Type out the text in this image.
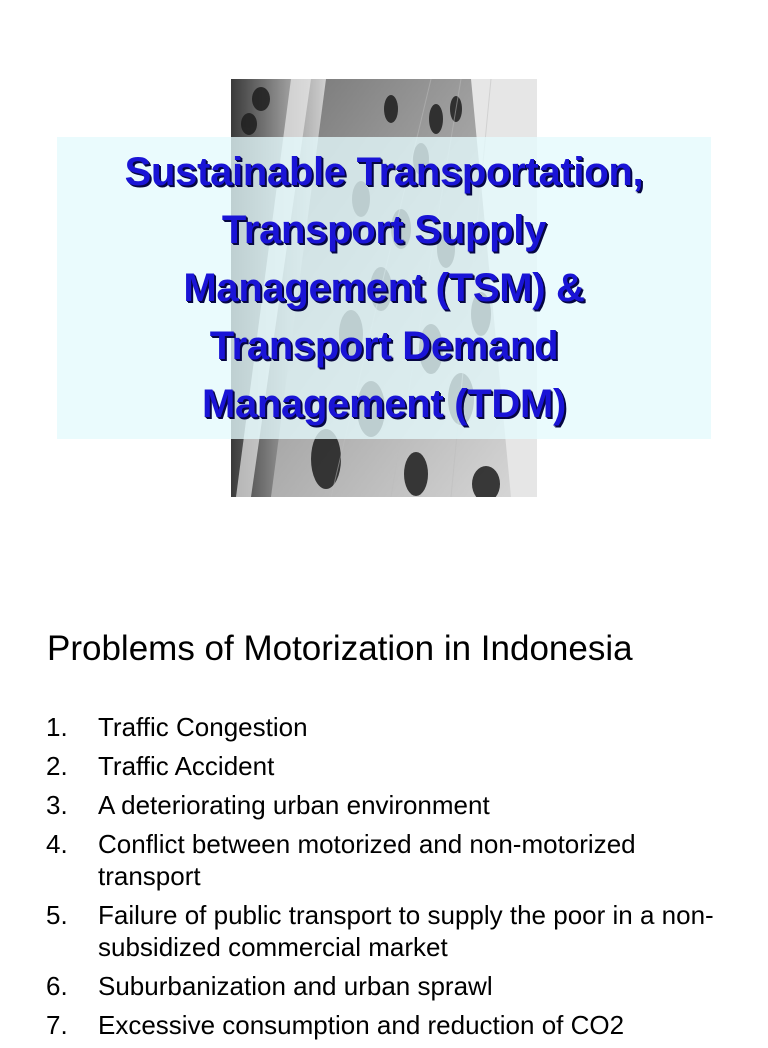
Sustainable Transportation,
Transport Supply
Management (TSM) &
Transport Demand
Management (TDM)
Problems of Motorization in Indonesia
1. Traffic Congestion
2. Traffic Accident
3. A deteriorating urban environment
4. Conflict between motorized and non-motorized transport
5. Failure of public transport to supply the poor in a non-subsidized commercial market
6. Suburbanization and urban sprawl
7. Excessive consumption and reduction of CO2
